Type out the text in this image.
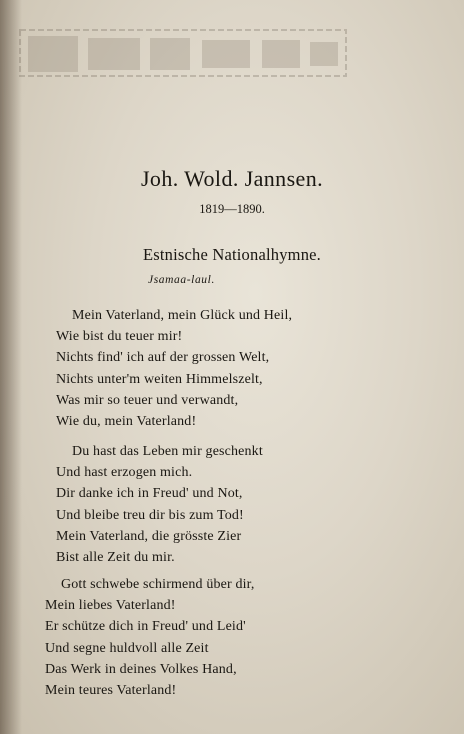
Joh. Wold. Jannsen.
1819—1890.
Estnische Nationalhymne.
Jsamaa-laul.
Mein Vaterland, mein Glück und Heil,
Wie bist du teuer mir!
Nichts find' ich auf der grossen Welt,
Nichts unter'm weiten Himmelszelt,
Was mir so teuer und verwandt,
Wie du, mein Vaterland!
Du hast das Leben mir geschenkt
Und hast erzogen mich.
Dir danke ich in Freud' und Not,
Und bleibe treu dir bis zum Tod!
Mein Vaterland, die grösste Zier
Bist alle Zeit du mir.
Gott schwebe schirmend über dir,
Mein liebes Vaterland!
Er schütze dich in Freud' und Leid'
Und segne huldvoll alle Zeit
Das Werk in deines Volkes Hand,
Mein teures Vaterland!
